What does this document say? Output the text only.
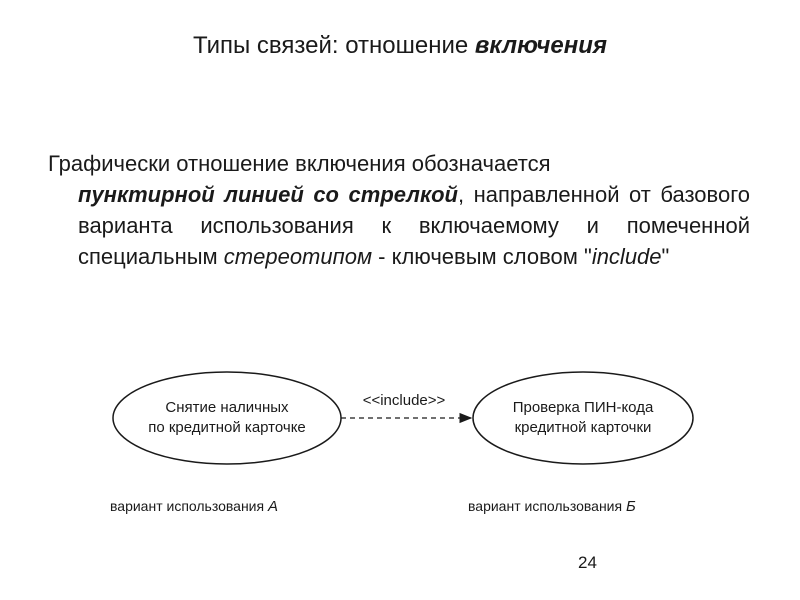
Типы связей: отношение включения
Графически отношение включения обозначается
пунктирной линией со стрелкой, направленной от базового варианта использования к включаемому и помеченной специальным стереотипом - ключевым словом "include"
Снятие наличных
по кредитной карточке
Проверка ПИН-кода
кредитной карточки
<<include>>
вариант использования А	вариант использования Б
24
